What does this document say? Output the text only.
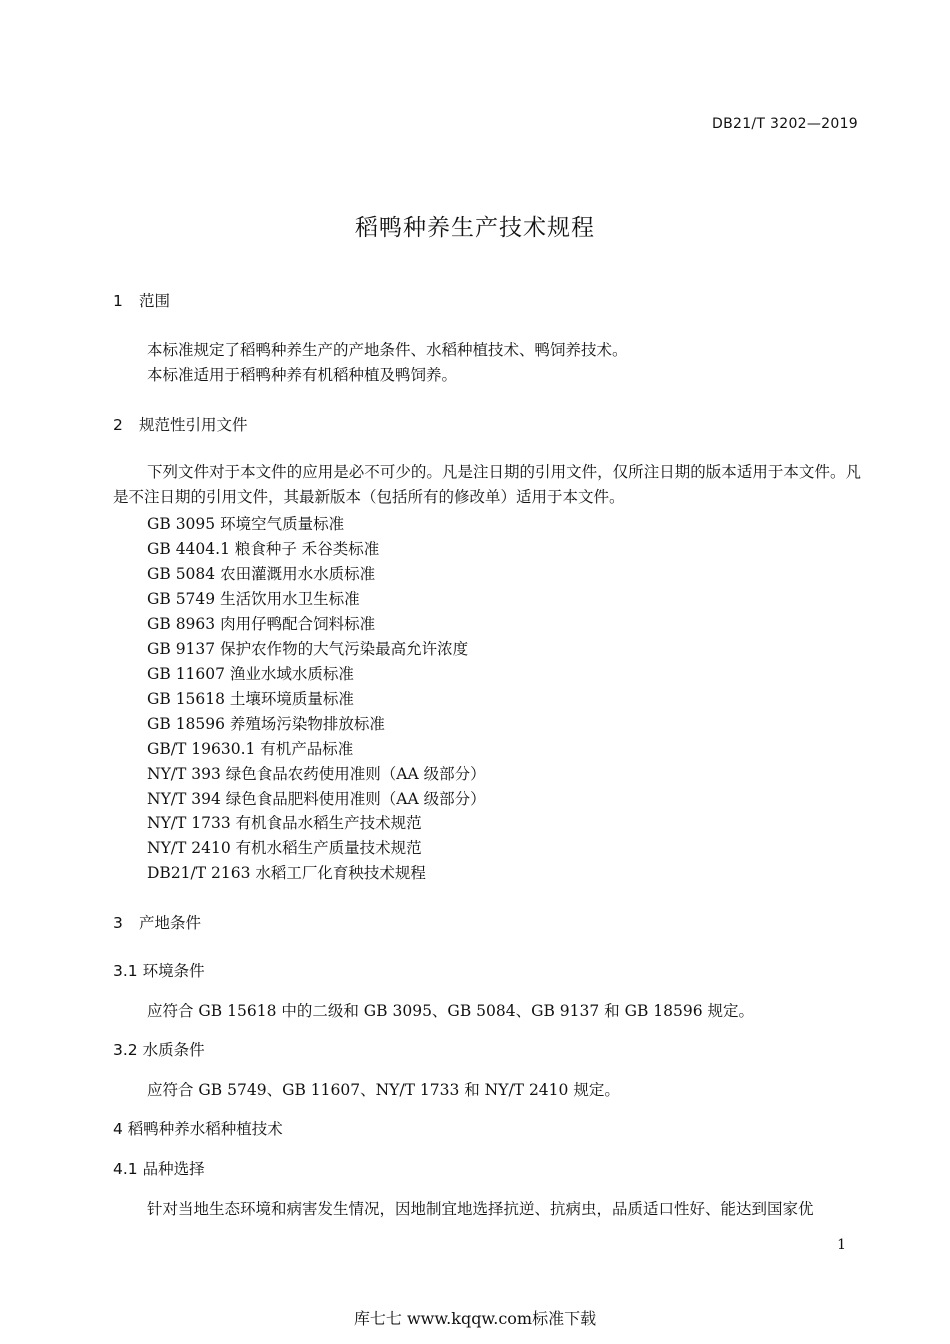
DB21/T 3202—2019
稻鸭种养生产技术规程
1 范围
本标准规定了稻鸭种养生产的产地条件、水稻种植技术、鸭饲养技术。
本标准适用于稻鸭种养有机稻种植及鸭饲养。
2 规范性引用文件
下列文件对于本文件的应用是必不可少的。凡是注日期的引用文件，仅所注日期的版本适用于本文件。凡是不注日期的引用文件，其最新版本（包括所有的修改单）适用于本文件。
GB 3095 环境空气质量标准
GB 4404.1 粮食种子 禾谷类标准
GB 5084 农田灌溉用水水质标准
GB 5749 生活饮用水卫生标准
GB 8963 肉用仔鸭配合饲料标准
GB 9137 保护农作物的大气污染最高允许浓度
GB 11607 渔业水域水质标准
GB 15618 土壤环境质量标准
GB 18596 养殖场污染物排放标准
GB/T 19630.1 有机产品标准
NY/T 393 绿色食品农药使用准则（AA 级部分）
NY/T 394 绿色食品肥料使用准则（AA 级部分）
NY/T 1733 有机食品水稻生产技术规范
NY/T 2410 有机水稻生产质量技术规范
DB21/T 2163 水稻工厂化育秧技术规程
3 产地条件
3.1 环境条件
应符合 GB 15618 中的二级和 GB 3095、GB 5084、GB 9137 和 GB 18596 规定。
3.2 水质条件
应符合 GB 5749、GB 11607、NY/T 1733 和 NY/T 2410 规定。
4 稻鸭种养水稻种植技术
4.1 品种选择
针对当地生态环境和病害发生情况，因地制宜地选择抗逆、抗病虫，品质适口性好、能达到国家优
1
库七七 www.kqqw.com标准下载
